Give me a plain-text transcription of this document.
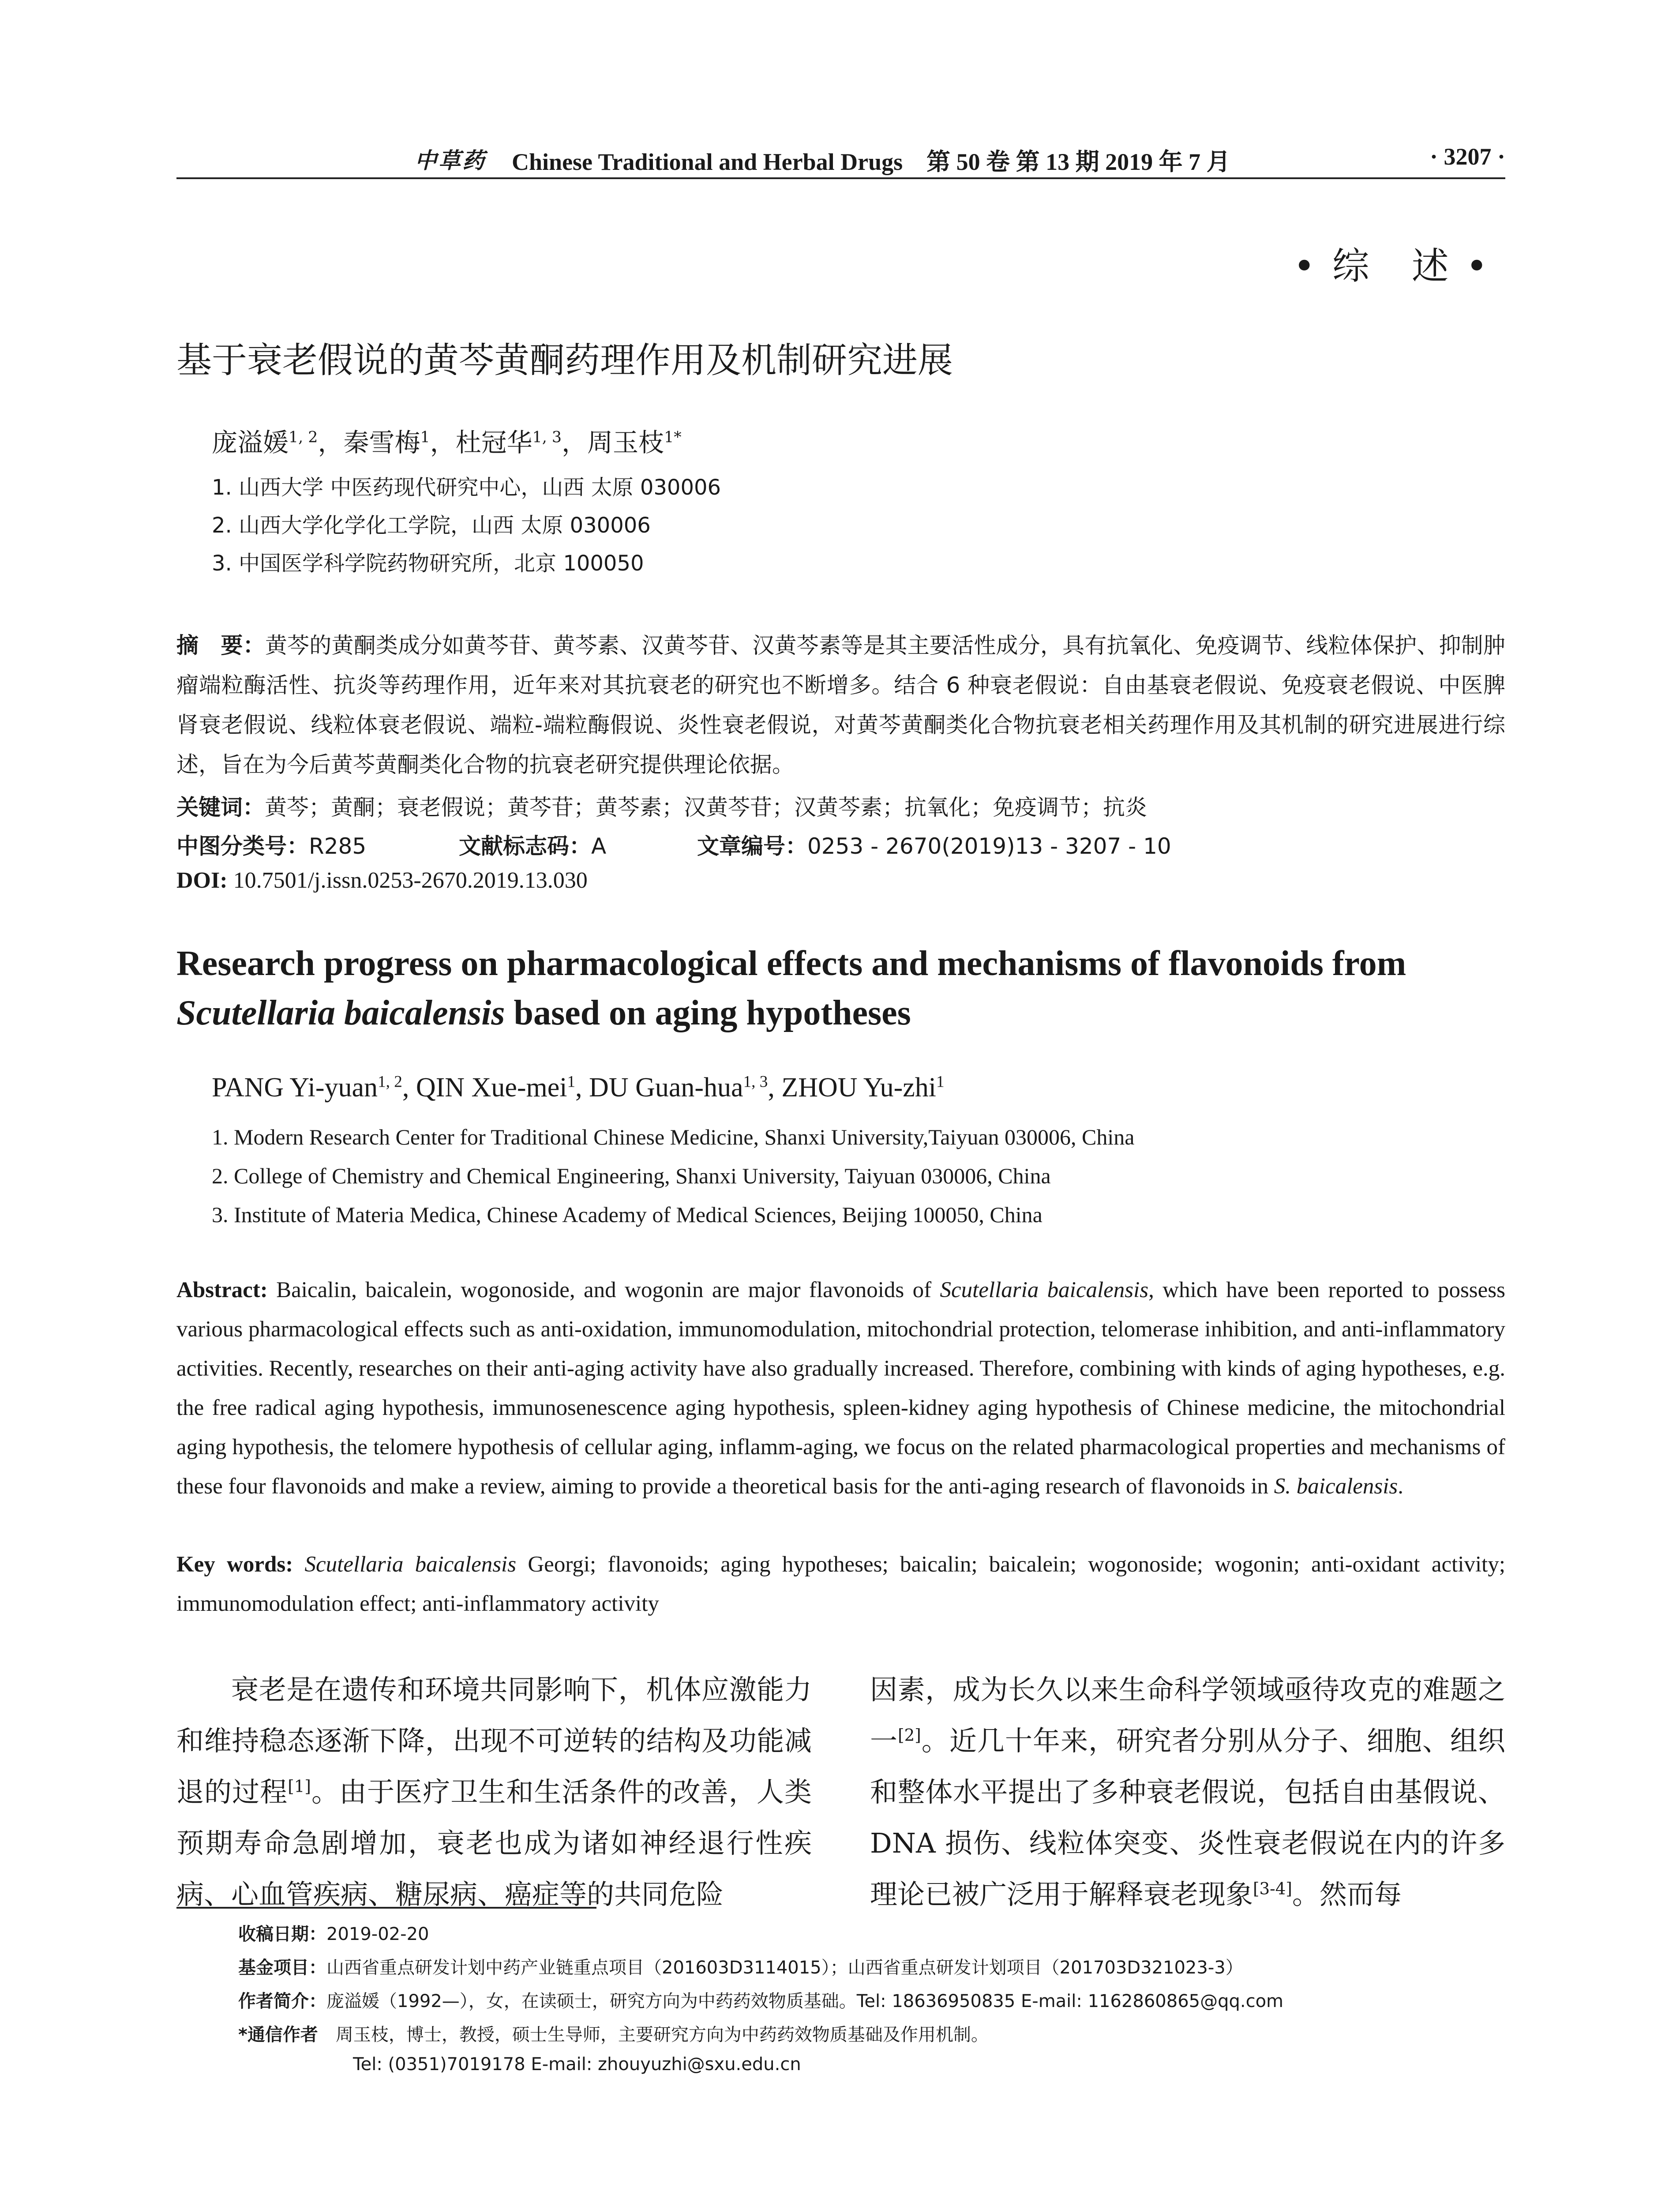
中草药 Chinese Traditional and Herbal Drugs　第 50 卷 第 13 期 2019 年 7 月	· 3207 ·
• 综　述 •
基于衰老假说的黄芩黄酮药理作用及机制研究进展
庞溢媛$^{1, 2}$，秦雪梅$^1$，杜冠华$^{1, 3}$，周玉枝$^{1*}$
1. 山西大学 中医药现代研究中心，山西 太原 030006
2. 山西大学化学化工学院，山西 太原 030006
3. 中国医学科学院药物研究所，北京 100050
摘　要：黄芩的黄酮类成分如黄芩苷、黄芩素、汉黄芩苷、汉黄芩素等是其主要活性成分，具有抗氧化、免疫调节、线粒体保护、抑制肿瘤端粒酶活性、抗炎等药理作用，近年来对其抗衰老的研究也不断增多。结合 6 种衰老假说：自由基衰老假说、免疫衰老假说、中医脾肾衰老假说、线粒体衰老假说、端粒-端粒酶假说、炎性衰老假说，对黄芩黄酮类化合物抗衰老相关药理作用及其机制的研究进展进行综述，旨在为今后黄芩黄酮类化合物的抗衰老研究提供理论依据。
关键词：黄芩；黄酮；衰老假说；黄芩苷；黄芩素；汉黄芩苷；汉黄芩素；抗氧化；免疫调节；抗炎
中图分类号：R285	文献标志码：A	文章编号：0253 - 2670(2019)13 - 3207 - 10
DOI: 10.7501/j.issn.0253-2670.2019.13.030
Research progress on pharmacological effects and mechanisms of flavonoids from Scutellaria baicalensis based on aging hypotheses
PANG Yi-yuan$^{1, 2}$, QIN Xue-mei$^1$, DU Guan-hua$^{1, 3}$, ZHOU Yu-zhi$^1$
1. Modern Research Center for Traditional Chinese Medicine, Shanxi University,Taiyuan 030006, China
2. College of Chemistry and Chemical Engineering, Shanxi University, Taiyuan 030006, China
3. Institute of Materia Medica, Chinese Academy of Medical Sciences, Beijing 100050, China
Abstract: Baicalin, baicalein, wogonoside, and wogonin are major flavonoids of Scutellaria baicalensis, which have been reported to possess various pharmacological effects such as anti-oxidation, immunomodulation, mitochondrial protection, telomerase inhibition, and anti-inflammatory activities. Recently, researches on their anti-aging activity have also gradually increased. Therefore, combining with kinds of aging hypotheses, e.g. the free radical aging hypothesis, immunosenescence aging hypothesis, spleen-kidney aging hypothesis of Chinese medicine, the mitochondrial aging hypothesis, the telomere hypothesis of cellular aging, inflamm-aging, we focus on the related pharmacological properties and mechanisms of these four flavonoids and make a review, aiming to provide a theoretical basis for the anti-aging research of flavonoids in S. baicalensis.
Key words: Scutellaria baicalensis Georgi; flavonoids; aging hypotheses; baicalin; baicalein; wogonoside; wogonin; anti-oxidant activity; immunomodulation effect; anti-inflammatory activity
衰老是在遗传和环境共同影响下，机体应激能力和维持稳态逐渐下降，出现不可逆转的结构及功能减退的过程[1]。由于医疗卫生和生活条件的改善，人类预期寿命急剧增加，衰老也成为诸如神经退行性疾病、心血管疾病、糖尿病、癌症等的共同危险
因素，成为长久以来生命科学领域亟待攻克的难题之一[2]。近几十年来，研究者分别从分子、细胞、组织和整体水平提出了多种衰老假说，包括自由基假说、DNA 损伤、线粒体突变、炎性衰老假说在内的许多理论已被广泛用于解释衰老现象[3-4]。然而每
收稿日期：2019-02-20
基金项目：山西省重点研发计划中药产业链重点项目（201603D3114015）；山西省重点研发计划项目（201703D321023-3）
作者简介：庞溢媛（1992—），女，在读硕士，研究方向为中药药效物质基础。Tel: 18636950835 E-mail: 1162860865@qq.com
*通信作者　周玉枝，博士，教授，硕士生导师，主要研究方向为中药药效物质基础及作用机制。
Tel: (0351)7019178 E-mail: zhouyuzhi@sxu.edu.cn
